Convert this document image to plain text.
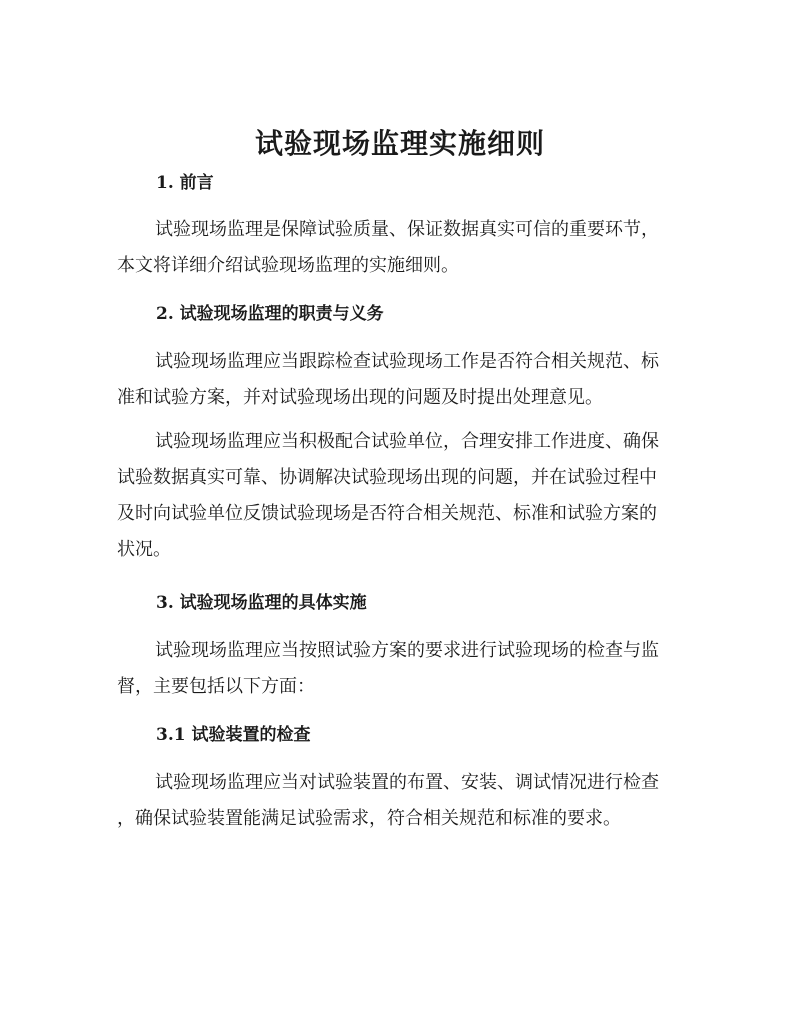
试验现场监理实施细则
1. 前言
试验现场监理是保障试验质量、保证数据真实可信的重要环节，
本文将详细介绍试验现场监理的实施细则。
2. 试验现场监理的职责与义务
试验现场监理应当跟踪检查试验现场工作是否符合相关规范、标
准和试验方案，并对试验现场出现的问题及时提出处理意见。
试验现场监理应当积极配合试验单位，合理安排工作进度、确保
试验数据真实可靠、协调解决试验现场出现的问题，并在试验过程中
及时向试验单位反馈试验现场是否符合相关规范、标准和试验方案的
状况。
3. 试验现场监理的具体实施
试验现场监理应当按照试验方案的要求进行试验现场的检查与监
督，主要包括以下方面：
3.1 试验装置的检查
试验现场监理应当对试验装置的布置、安装、调试情况进行检查
，确保试验装置能满足试验需求，符合相关规范和标准的要求。
